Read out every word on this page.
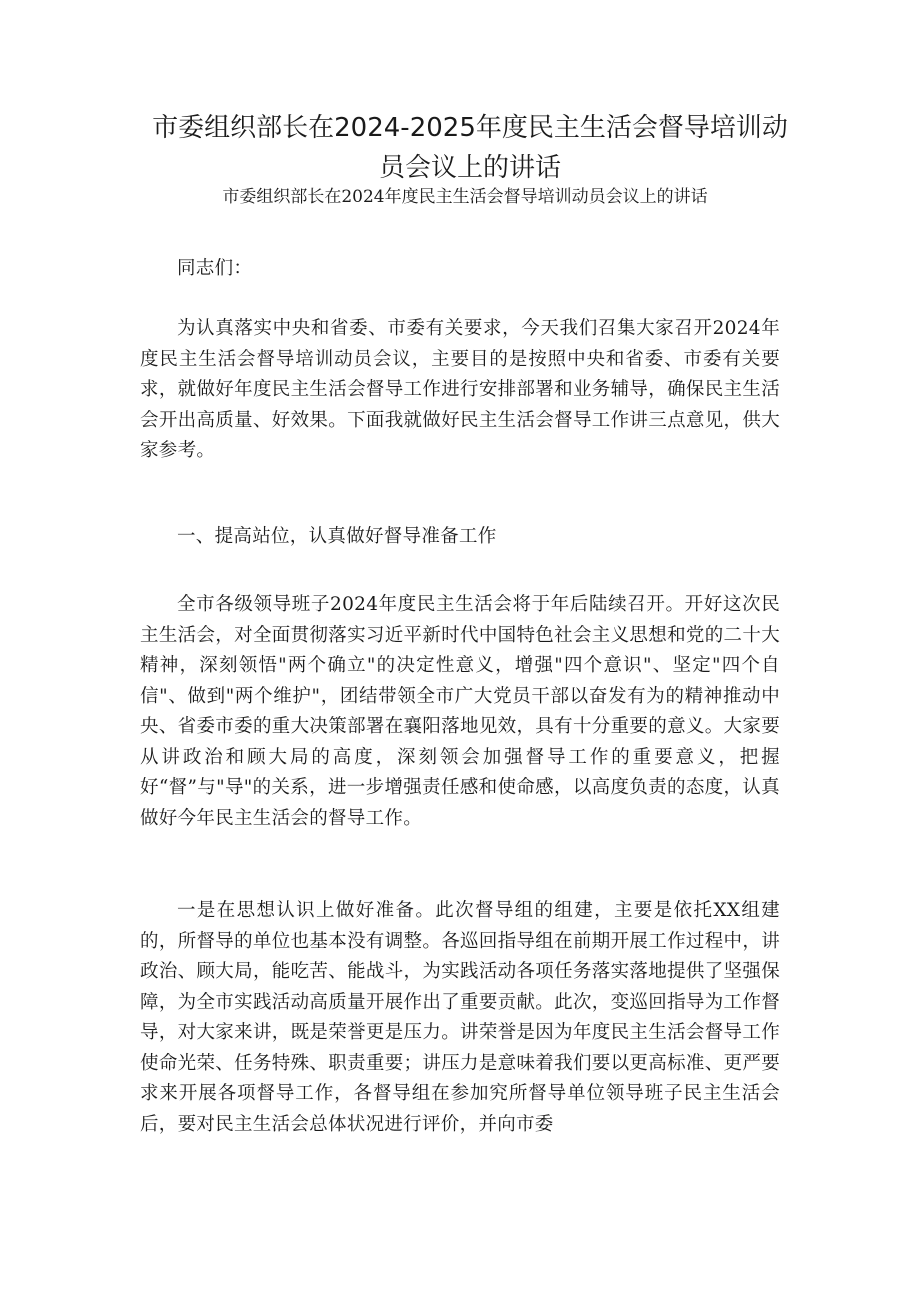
市委组织部长在2024-2025年度民主生活会督导培训动员会议上的讲话

市委组织部长在2024年度民主生活会督导培训动员会议上的讲话

同志们：

为认真落实中央和省委、市委有关要求，今天我们召集大家召开2024年度民主生活会督导培训动员会议，主要目的是按照中央和省委、市委有关要求，就做好年度民主生活会督导工作进行安排部署和业务辅导，确保民主生活会开出高质量、好效果。下面我就做好民主生活会督导工作讲三点意见，供大家参考。

一、提高站位，认真做好督导准备工作

全市各级领导班子2024年度民主生活会将于年后陆续召开。开好这次民主生活会，对全面贯彻落实习近平新时代中国特色社会主义思想和党的二十大精神，深刻领悟"两个确立"的决定性意义，增强"四个意识"、坚定"四个自信"、做到"两个维护"，团结带领全市广大党员干部以奋发有为的精神推动中央、省委市委的重大决策部署在襄阳落地见效，具有十分重要的意义。大家要从讲政治和顾大局的高度，深刻领会加强督导工作的重要意义，把握好“督”与"导"的关系，进一步增强责任感和使命感，以高度负责的态度，认真做好今年民主生活会的督导工作。

一是在思想认识上做好准备。此次督导组的组建，主要是依托XX组建的，所督导的单位也基本没有调整。各巡回指导组在前期开展工作过程中，讲政治、顾大局，能吃苦、能战斗，为实践活动各项任务落实落地提供了坚强保障，为全市实践活动高质量开展作出了重要贡献。此次，变巡回指导为工作督导，对大家来讲，既是荣誉更是压力。讲荣誉是因为年度民主生活会督导工作使命光荣、任务特殊、职责重要；讲压力是意味着我们要以更高标准、更严要求来开展各项督导工作，各督导组在参加究所督导单位领导班子民主生活会后，要对民主生活会总体状况进行评价，并向市委
